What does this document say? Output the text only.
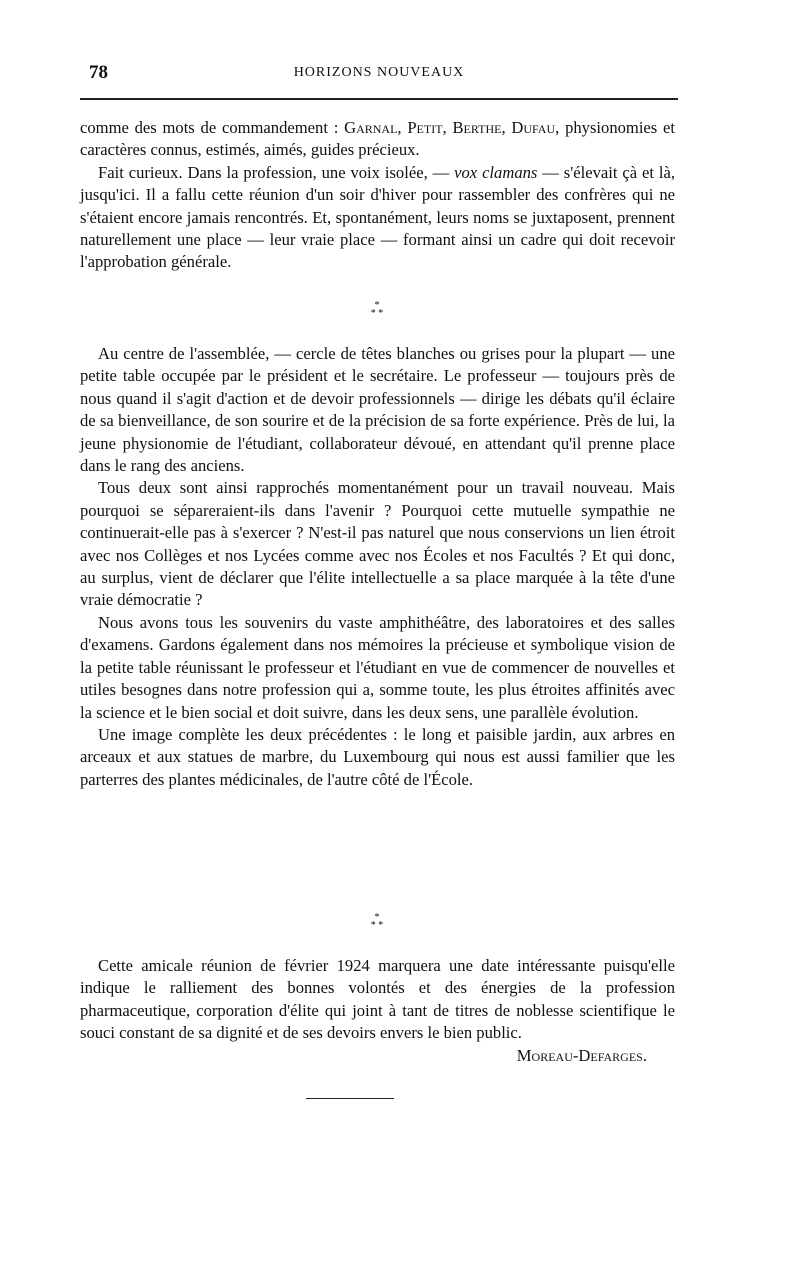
78	HORIZONS NOUVEAUX

comme des mots de commandement : Garnal, Petit, Berthe, Dufau, physionomies et caractères connus, estimés, aimés, guides précieux.

Fait curieux. Dans la profession, une voix isolée, — vox clamans — s'élevait çà et là, jusqu'ici. Il a fallu cette réunion d'un soir d'hiver pour rassembler des confrères qui ne s'étaient encore jamais rencontrés. Et, spontanément, leurs noms se juxtaposent, prennent naturellement une place — leur vraie place — formant ainsi un cadre qui doit recevoir l'approbation générale.

*
* *

Au centre de l'assemblée, — cercle de têtes blanches ou grises pour la plupart — une petite table occupée par le président et le secrétaire. Le professeur — toujours près de nous quand il s'agit d'action et de devoir professionnels — dirige les débats qu'il éclaire de sa bienveillance, de son sourire et de la précision de sa forte expérience. Près de lui, la jeune physionomie de l'étudiant, collaborateur dévoué, en attendant qu'il prenne place dans le rang des anciens.

Tous deux sont ainsi rapprochés momentanément pour un travail nouveau. Mais pourquoi se sépareraient-ils dans l'avenir ? Pourquoi cette mutuelle sympathie ne continuerait-elle pas à s'exercer ? N'est-il pas naturel que nous conservions un lien étroit avec nos Collèges et nos Lycées comme avec nos Écoles et nos Facultés ? Et qui donc, au surplus, vient de déclarer que l'élite intellectuelle a sa place marquée à la tête d'une vraie démocratie ?

Nous avons tous les souvenirs du vaste amphithéâtre, des laboratoires et des salles d'examens. Gardons également dans nos mémoires la précieuse et symbolique vision de la petite table réunissant le professeur et l'étudiant en vue de commencer de nouvelles et utiles besognes dans notre profession qui a, somme toute, les plus étroites affinités avec la science et le bien social et doit suivre, dans les deux sens, une parallèle évolution.

Une image complète les deux précédentes : le long et paisible jardin, aux arbres en arceaux et aux statues de marbre, du Luxembourg qui nous est aussi familier que les parterres des plantes médicinales, de l'autre côté de l'École.

*
* *

Cette amicale réunion de février 1924 marquera une date intéressante puisqu'elle indique le ralliement des bonnes volontés et des énergies de la profession pharmaceutique, corporation d'élite qui joint à tant de titres de noblesse scientifique le souci constant de sa dignité et de ses devoirs envers le bien public.
Moreau-Defarges.
